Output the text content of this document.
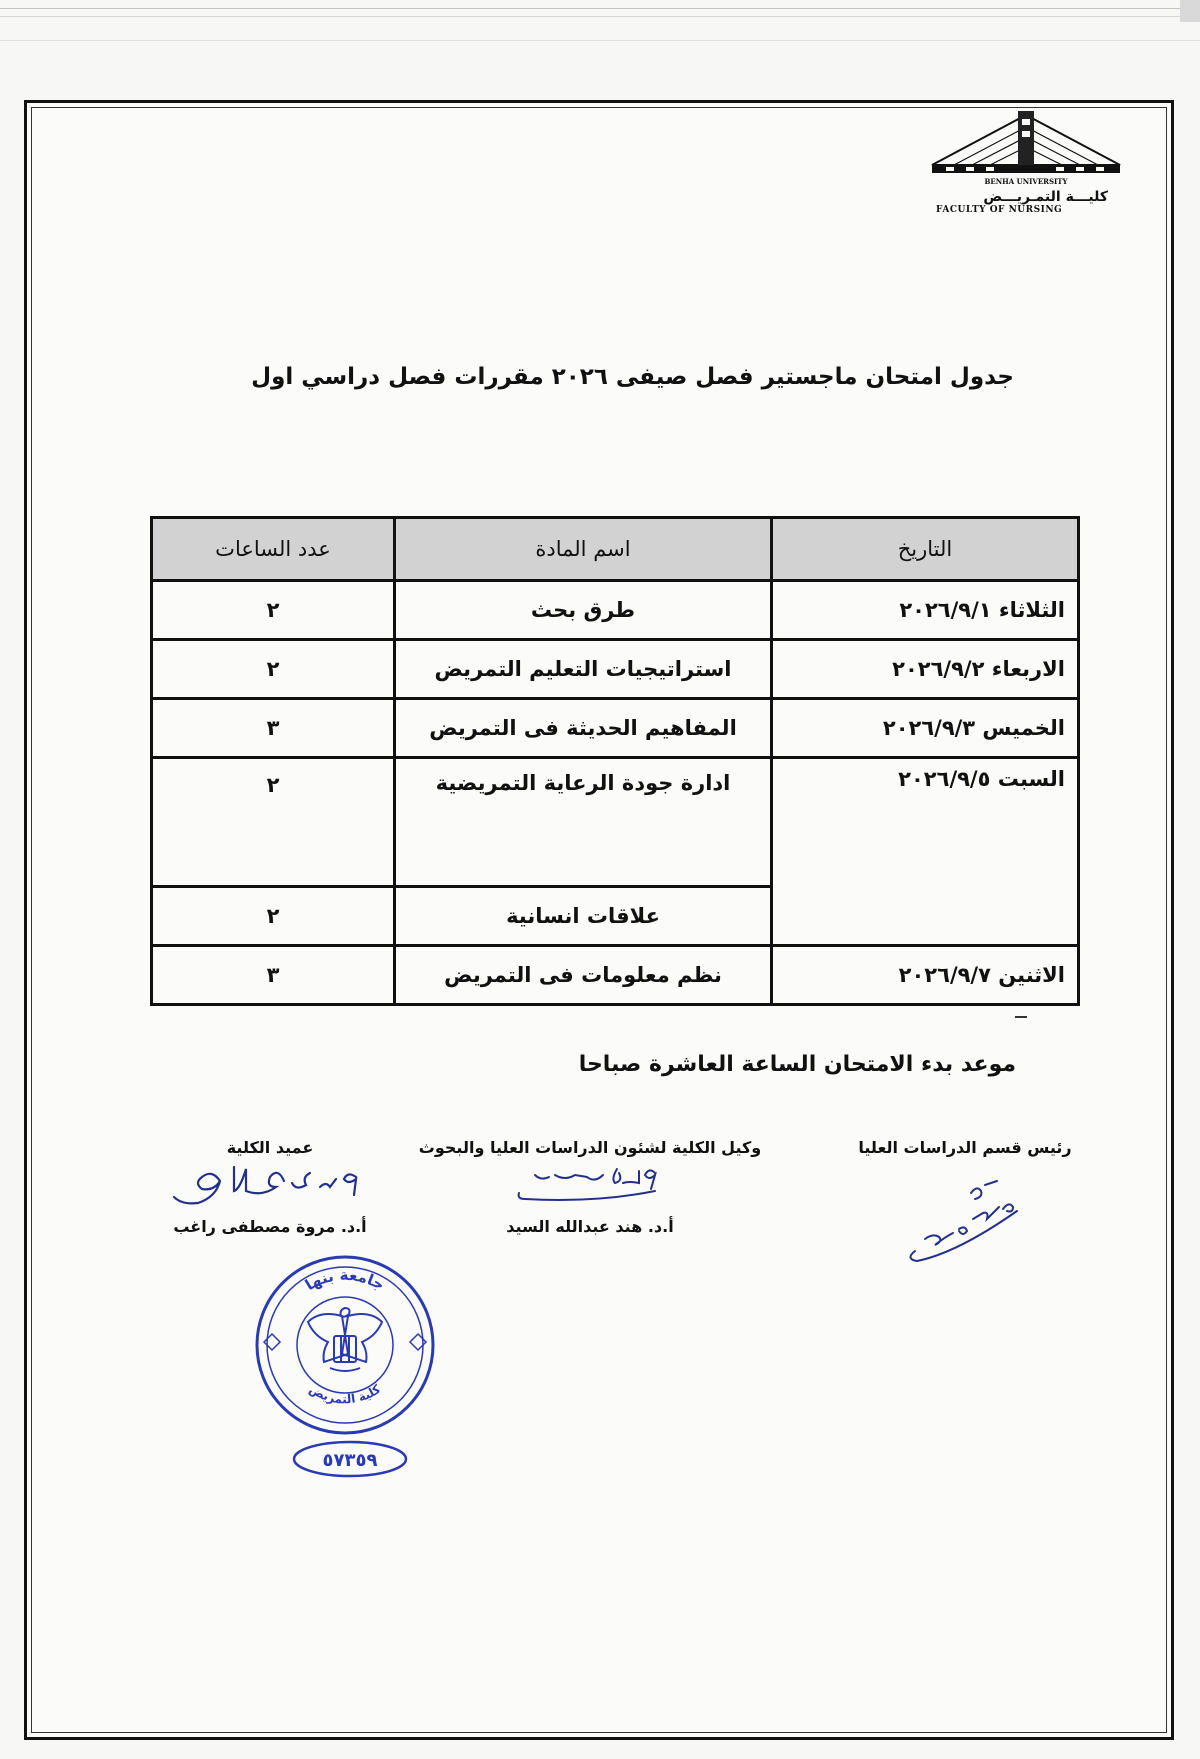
BENHA UNIVERSITY
كليـــة التمـريـــض
FACULTY OF NURSING
جدول امتحان ماجستير فصل صيفى ٢٠٢٦ مقررات فصل دراسي اول
التاريخ	اسم المادة	عدد الساعات
الثلاثاء ٢٠٢٦/٩/١	طرق بحث	٢
الاربعاء ٢٠٢٦/٩/٢	استراتيجيات التعليم التمريض	٢
الخميس ٢٠٢٦/٩/٣	المفاهيم الحديثة فى التمريض	٣
السبت ٢٠٢٦/٩/٥	ادارة جودة الرعاية التمريضية	٢
	علاقات انسانية	٢
الاثنين ٢٠٢٦/٩/٧	نظم معلومات فى التمريض	٣

موعد بدء الامتحان الساعة العاشرة صباحا

رئيس قسم الدراسات العليا
وكيل الكلية لشئون الدراسات العليا والبحوث
أ.د. هند عبدالله السيد
عميد الكلية
أ.د. مروة مصطفى راغب
جامعة بنها
كلية التمريض
٥٧٣٥٩
